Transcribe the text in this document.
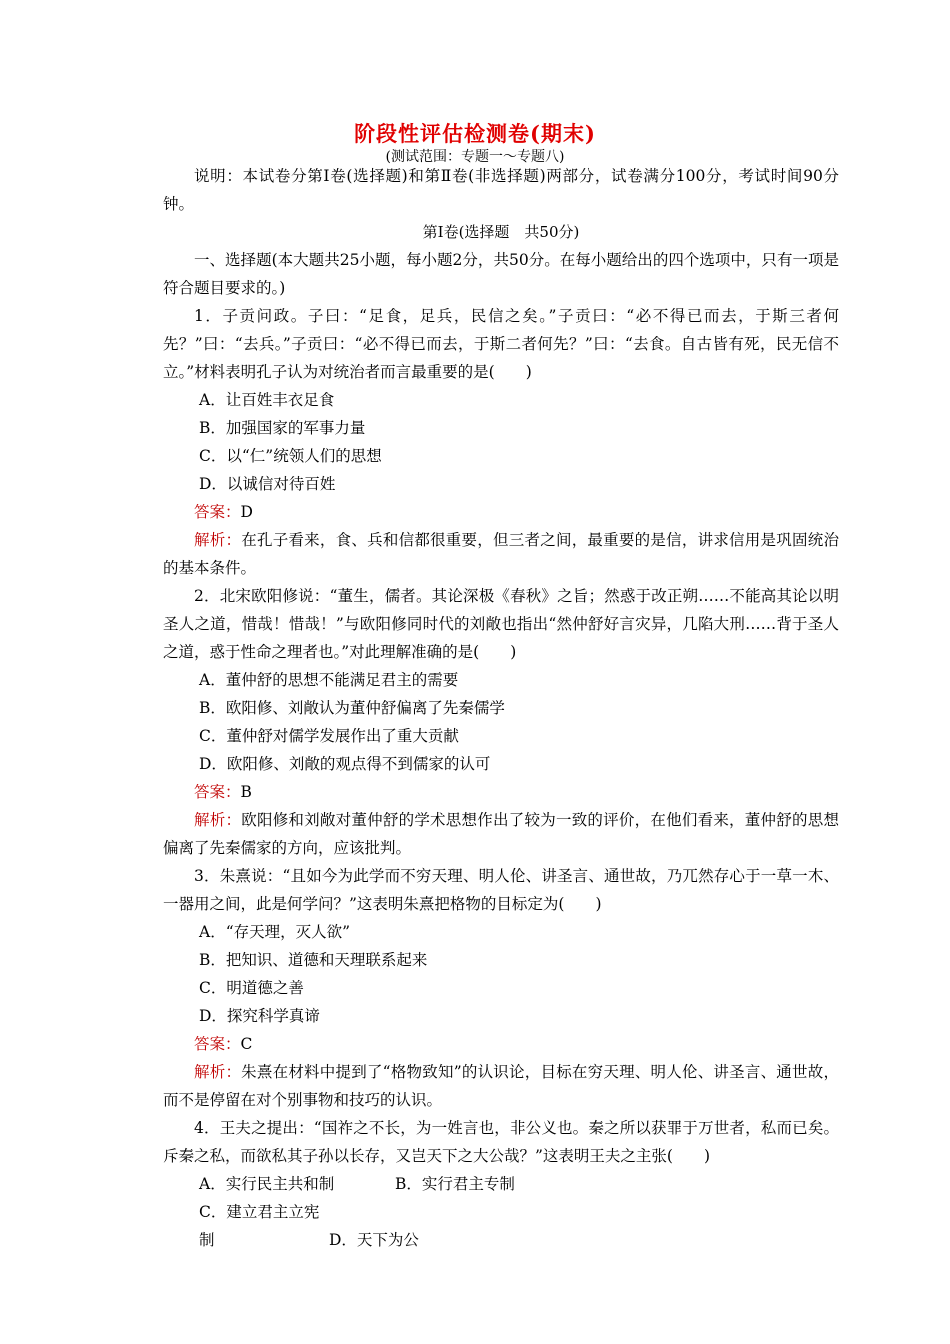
阶段性评估检测卷(期末)
(测试范围：专题一～专题八)

说明：本试卷分第Ⅰ卷(选择题)和第Ⅱ卷(非选择题)两部分，试卷满分100分，考试时间90分钟。

第Ⅰ卷(选择题　共50分)

一、选择题(本大题共25小题，每小题2分，共50分。在每小题给出的四个选项中，只有一项是符合题目要求的。)

1．子贡问政。子曰：“足食，足兵，民信之矣。”子贡曰：“必不得已而去，于斯三者何先？”曰：“去兵。”子贡曰：“必不得已而去，于斯二者何先？”曰：“去食。自古皆有死，民无信不立。”材料表明孔子认为对统治者而言最重要的是(　　)

A．让百姓丰衣足食

B．加强国家的军事力量

C．以“仁”统领人们的思想

D．以诚信对待百姓

答案：D

解析：在孔子看来，食、兵和信都很重要，但三者之间，最重要的是信，讲求信用是巩固统治的基本条件。

2．北宋欧阳修说：“董生，儒者。其论深极《春秋》之旨；然惑于改正朔……不能高其论以明圣人之道，惜哉！惜哉！”与欧阳修同时代的刘敞也指出“然仲舒好言灾异，几陷大刑……背于圣人之道，惑于性命之理者也。”对此理解准确的是(　　)

A．董仲舒的思想不能满足君主的需要

B．欧阳修、刘敞认为董仲舒偏离了先秦儒学

C．董仲舒对儒学发展作出了重大贡献

D．欧阳修、刘敞的观点得不到儒家的认可

答案：B

解析：欧阳修和刘敞对董仲舒的学术思想作出了较为一致的评价，在他们看来，董仲舒的思想偏离了先秦儒家的方向，应该批判。

3．朱熹说：“且如今为此学而不穷天理、明人伦、讲圣言、通世故，乃兀然存心于一草一木、一器用之间，此是何学问？”这表明朱熹把格物的目标定为(　　)

A．“存天理，灭人欲”

B．把知识、道德和天理联系起来

C．明道德之善

D．探究科学真谛

答案：C

解析：朱熹在材料中提到了“格物致知”的认识论，目标在穷天理、明人伦、讲圣言、通世故，而不是停留在对个别事物和技巧的认识。

4．王夫之提出：“国祚之不长，为一姓言也，非公义也。秦之所以获罪于万世者，私而已矣。斥秦之私，而欲私其子孙以长存，又岂天下之大公哉？”这表明王夫之主张(　　)

A．实行民主共和制	B．实行君主专制

C．建立君主立宪制	D．天下为公
